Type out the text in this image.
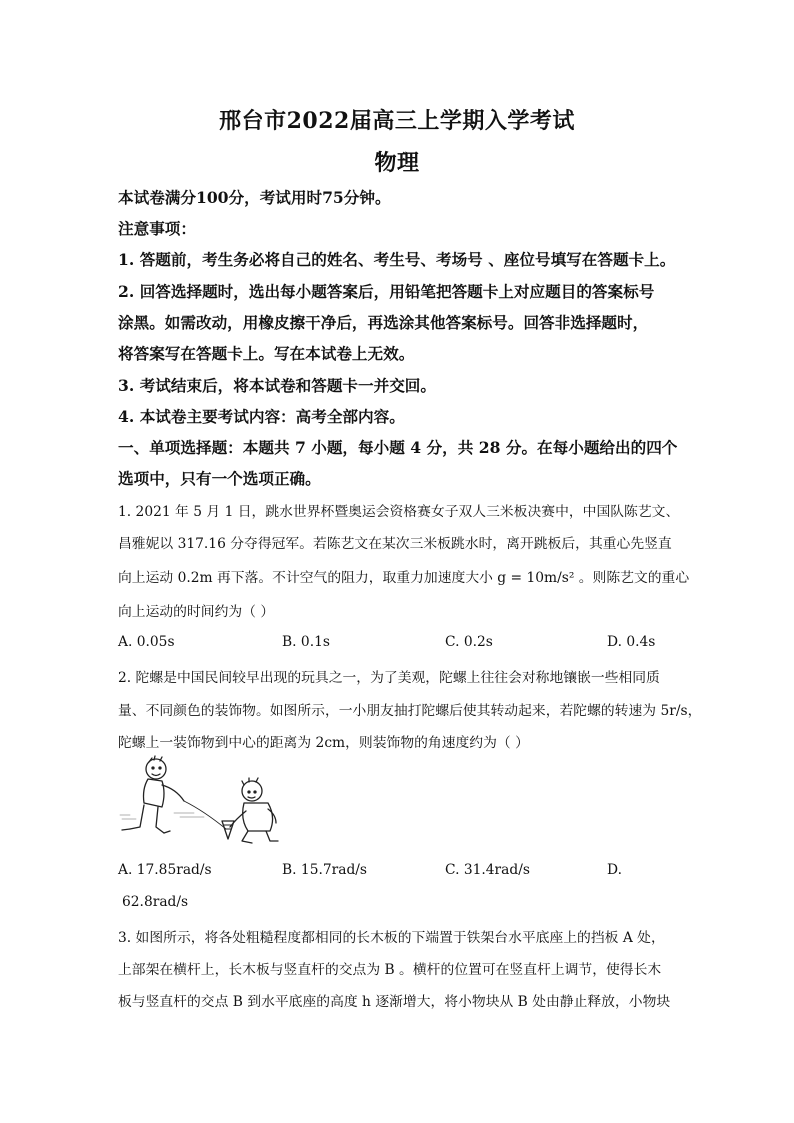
邢台市2022届高三上学期入学考试
物理
本试卷满分100分，考试用时75分钟。
注意事项：
1. 答题前，考生务必将自己的姓名、考生号、考场号 、座位号填写在答题卡上。
2. 回答选择题时，选出每小题答案后，用铅笔把答题卡上对应题目的答案标号
涂黑。如需改动，用橡皮擦干净后，再选涂其他答案标号。回答非选择题时，
将答案写在答题卡上。写在本试卷上无效。
3. 考试结束后，将本试卷和答题卡一并交回。
4. 本试卷主要考试内容：高考全部内容。
一、单项选择题：本题共 7 小题，每小题 4 分，共 28 分。在每小题给出的四个
选项中，只有一个选项正确。
1. 2021 年 5 月 1 日，跳水世界杯暨奥运会资格赛女子双人三米板决赛中，中国队陈艺文、
昌雅妮以 317.16 分夺得冠军。若陈艺文在某次三米板跳水时，离开跳板后，其重心先竖直
向上运动 0.2m 再下落。不计空气的阻力，取重力加速度大小 g = 10m/s² 。则陈艺文的重心
向上运动的时间约为（ ）
A. 0.05s	B. 0.1s	C. 0.2s	D. 0.4s
2. 陀螺是中国民间较早出现的玩具之一，为了美观，陀螺上往往会对称地镶嵌一些相同质
量、不同颜色的装饰物。如图所示，一小朋友抽打陀螺后使其转动起来，若陀螺的转速为 5r/s，
陀螺上一装饰物到中心的距离为 2cm，则装饰物的角速度约为（ ）
A. 17.85rad/s	B. 15.7rad/s	C. 31.4rad/s	D.
62.8rad/s
3. 如图所示，将各处粗糙程度都相同的长木板的下端置于铁架台水平底座上的挡板 A 处，
上部架在横杆上，长木板与竖直杆的交点为 B 。横杆的位置可在竖直杆上调节，使得长木
板与竖直杆的交点 B 到水平底座的高度 h 逐渐增大，将小物块从 B 处由静止释放，小物块
